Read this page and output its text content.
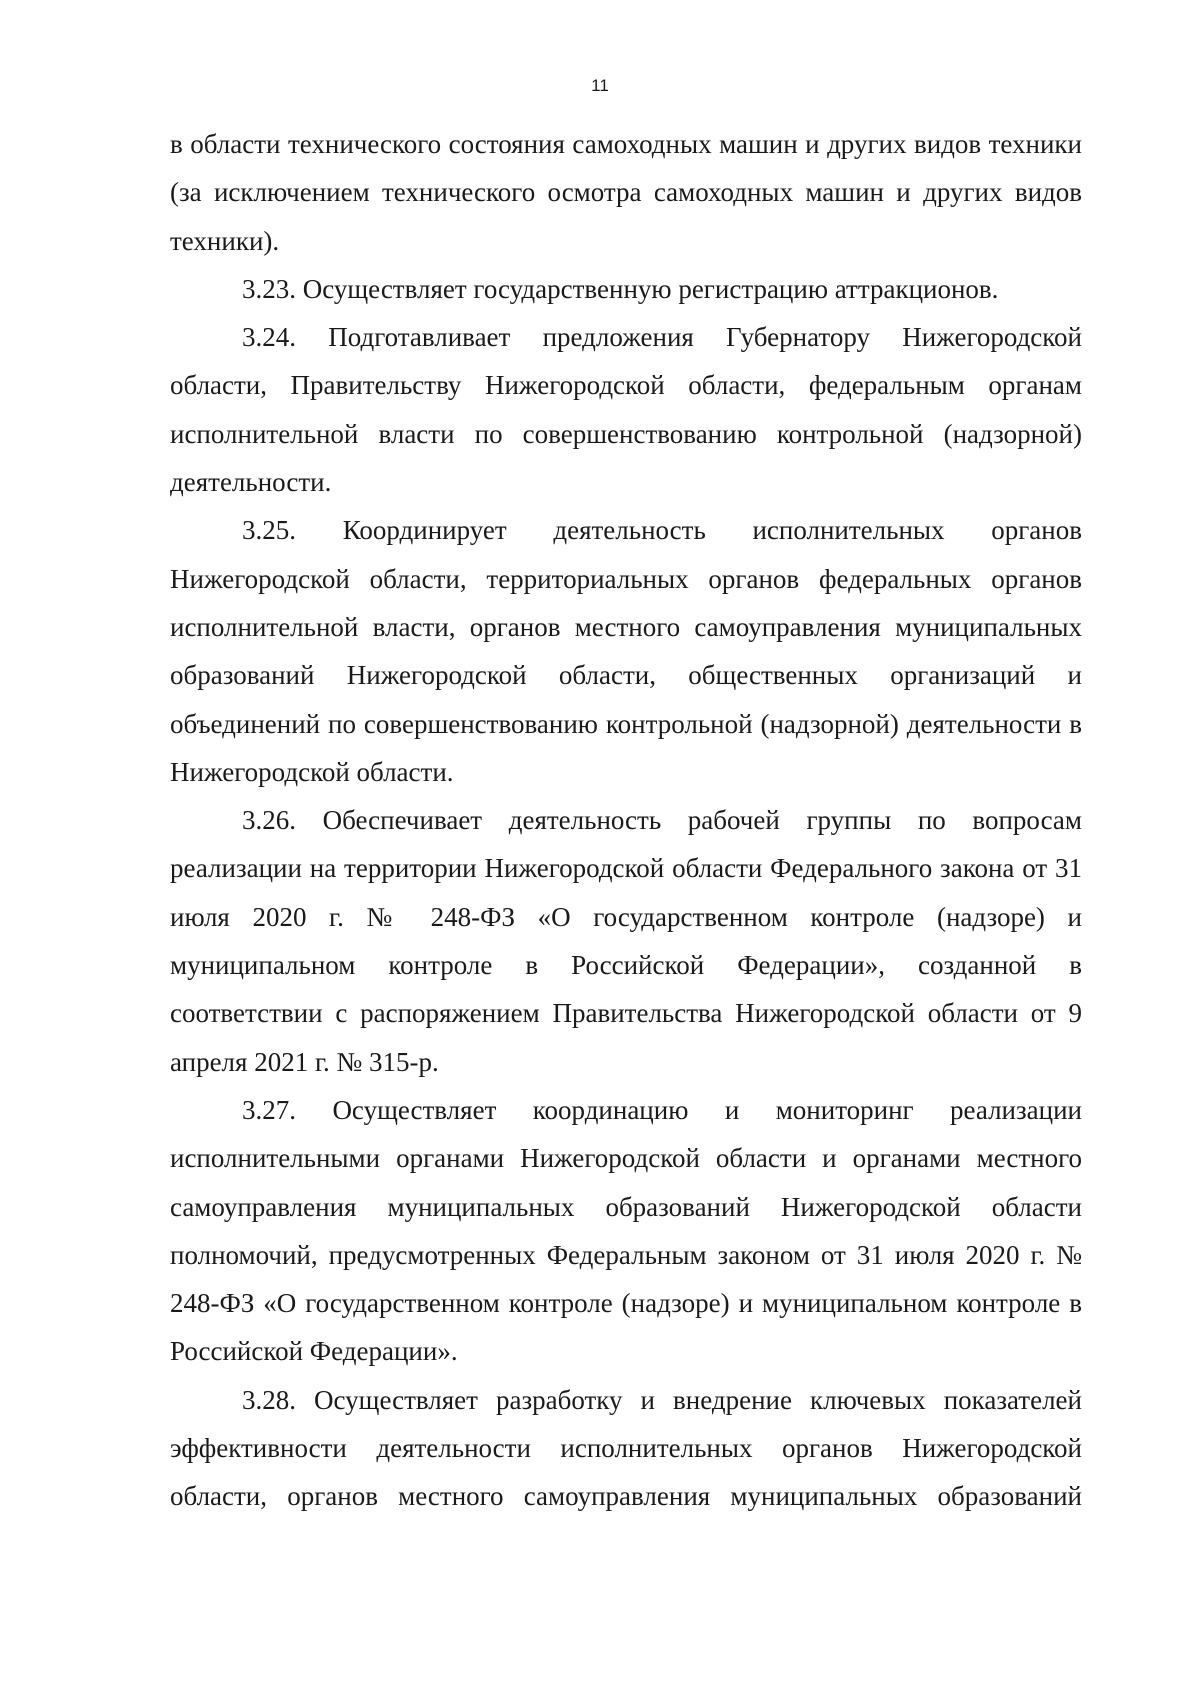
11

в области технического состояния самоходных машин и других видов техники (за исключением технического осмотра самоходных машин и других видов техники).

3.23. Осуществляет государственную регистрацию аттракционов.

3.24. Подготавливает предложения Губернатору Нижегородской области, Правительству Нижегородской области, федеральным органам исполнительной власти по совершенствованию контрольной (надзорной) деятельности.

3.25. Координирует деятельность исполнительных органов Нижегородской области, территориальных органов федеральных органов исполнительной власти, органов местного самоуправления муниципальных образований Нижегородской области, общественных организаций и объединений по совершенствованию контрольной (надзорной) деятельности в Нижегородской области.

3.26. Обеспечивает деятельность рабочей группы по вопросам реализации на территории Нижегородской области Федерального закона от 31 июля 2020 г. № 248-ФЗ «О государственном контроле (надзоре) и муниципальном контроле в Российской Федерации», созданной в соответствии с распоряжением Правительства Нижегородской области от 9 апреля 2021 г. № 315-р.

3.27. Осуществляет координацию и мониторинг реализации исполнительными органами Нижегородской области и органами местного самоуправления муниципальных образований Нижегородской области полномочий, предусмотренных Федеральным законом от 31 июля 2020 г. № 248-ФЗ «О государственном контроле (надзоре) и муниципальном контроле в Российской Федерации».

3.28. Осуществляет разработку и внедрение ключевых показателей эффективности деятельности исполнительных органов Нижегородской области, органов местного самоуправления муниципальных образований
